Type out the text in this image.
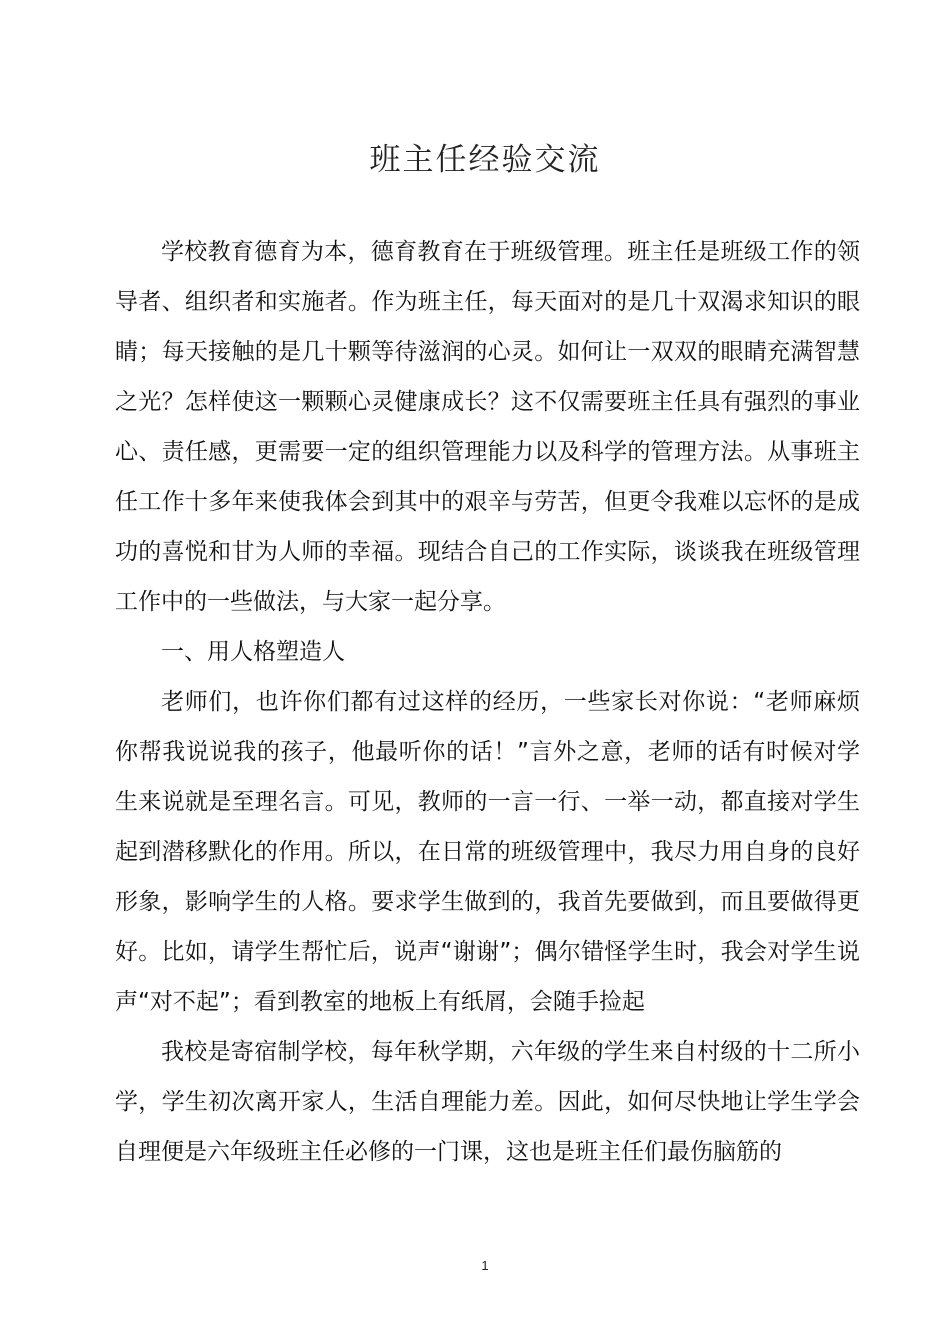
班主任经验交流

学校教育德育为本，德育教育在于班级管理。班主任是班级工作的领导者、组织者和实施者。作为班主任，每天面对的是几十双渴求知识的眼睛；每天接触的是几十颗等待滋润的心灵。如何让一双双的眼睛充满智慧之光？怎样使这一颗颗心灵健康成长？这不仅需要班主任具有强烈的事业心、责任感，更需要一定的组织管理能力以及科学的管理方法。从事班主任工作十多年来使我体会到其中的艰辛与劳苦，但更令我难以忘怀的是成功的喜悦和甘为人师的幸福。现结合自己的工作实际，谈谈我在班级管理工作中的一些做法，与大家一起分享。

一、用人格塑造人

老师们，也许你们都有过这样的经历，一些家长对你说：“老师麻烦你帮我说说我的孩子，他最听你的话！”言外之意，老师的话有时候对学生来说就是至理名言。可见，教师的一言一行、一举一动，都直接对学生起到潜移默化的作用。所以，在日常的班级管理中，我尽力用自身的良好形象，影响学生的人格。要求学生做到的，我首先要做到，而且要做得更好。比如，请学生帮忙后，说声“谢谢”；偶尔错怪学生时，我会对学生说声“对不起”；看到教室的地板上有纸屑，会随手捡起

我校是寄宿制学校，每年秋学期，六年级的学生来自村级的十二所小学，学生初次离开家人，生活自理能力差。因此，如何尽快地让学生学会自理便是六年级班主任必修的一门课，这也是班主任们最伤脑筋的

1
